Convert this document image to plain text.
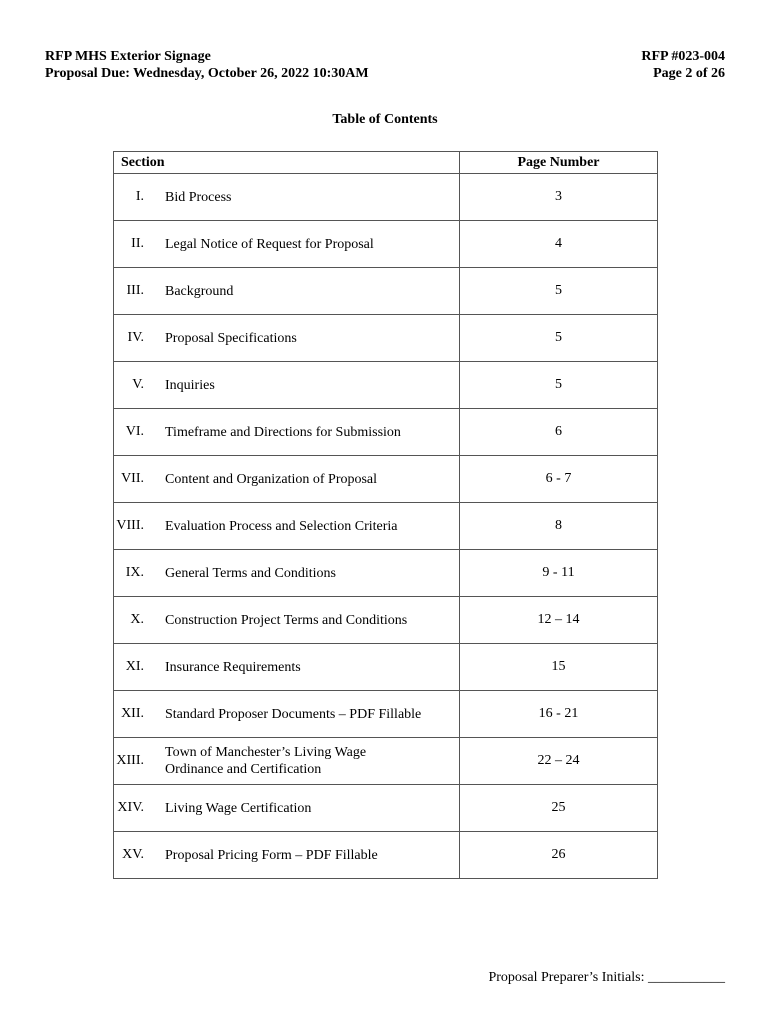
RFP MHS Exterior Signage
Proposal Due: Wednesday, October 26, 2022 10:30AM
RFP #023-004
Page 2 of 26
Table of Contents
Section	Page Number

I. Bid Process	3

II. Legal Notice of Request for Proposal	4

III. Background	5

IV. Proposal Specifications	5

V. Inquiries	5

VI. Timeframe and Directions for Submission	6

VII. Content and Organization of Proposal	6 - 7

VIII. Evaluation Process and Selection Criteria	8

IX. General Terms and Conditions	9 - 11

X. Construction Project Terms and Conditions	12 – 14

XI. Insurance Requirements	15

XII. Standard Proposer Documents – PDF Fillable	16 - 21

XIII.
Town of Manchester’s Living Wage Ordinance and Certification	22 – 24

XIV. Living Wage Certification	25

XV. Proposal Pricing Form – PDF Fillable	26
Proposal Preparer’s Initials: ___________
